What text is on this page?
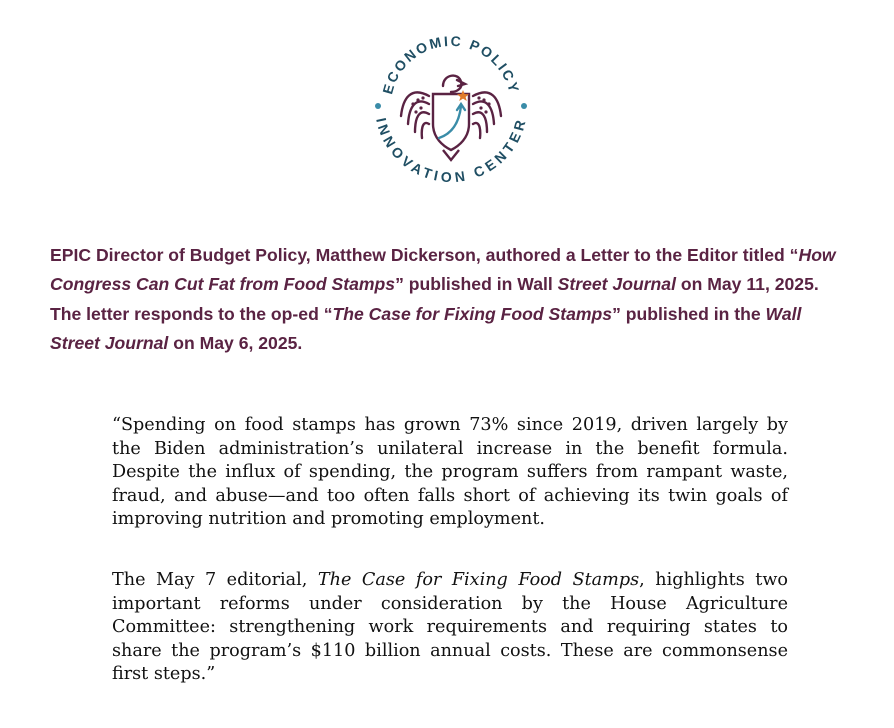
ECONOMIC POLICY
INNOVATION CENTER

EPIC Director of Budget Policy, Matthew Dickerson, authored a Letter to the Editor titled “How Congress Can Cut Fat from Food Stamps” published in Wall Street Journal on May 11, 2025. The letter responds to the op-ed “The Case for Fixing Food Stamps” published in the Wall Street Journal on May 6, 2025.

“Spending on food stamps has grown 73% since 2019, driven largely by the Biden administration’s unilateral increase in the benefit formula. Despite the influx of spending, the program suffers from rampant waste, fraud, and abuse—and too often falls short of achieving its twin goals of improving nutrition and promoting employment.

The May 7 editorial, The Case for Fixing Food Stamps, highlights two important reforms under consideration by the House Agriculture Committee: strengthening work requirements and requiring states to share the program’s $110 billion annual costs. These are commonsense first steps.”
